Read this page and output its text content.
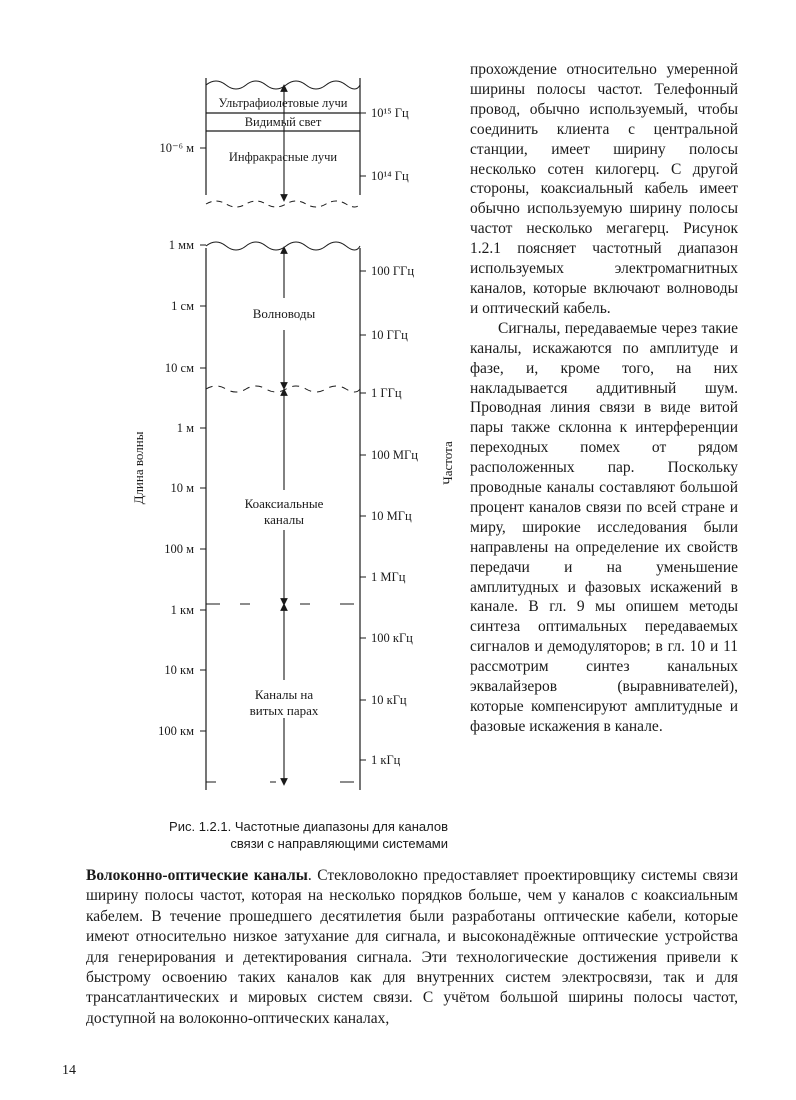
Длина волны	Частота
Ультрафиолетовые лучи
Видимый свет
Инфракрасные лучи
Волноводы
Коаксиальные
каналы
Каналы на
витых парах
10⁻⁶ м
1 мм
1 см
10 см
1 м
10 м
100 м
1 км
10 км
100 км
10¹⁵ Гц
10¹⁴ Гц
100 ГГц
10 ГГц
1 ГГц
100 МГц
10 МГц
1 МГц
100 кГц
10 кГц
1 кГц
Рис. 1.2.1. Частотные диапазоны для каналов
связи с направляющими системами

прохождение относительно умеренной ширины полосы частот. Телефонный провод, обычно используемый, чтобы соединить клиента с центральной станции, имеет ширину полосы несколько сотен килогерц. С другой стороны, коаксиальный кабель имеет обычно используемую ширину полосы частот несколько мегагерц. Рисунок 1.2.1 поясняет частотный диапазон используемых электромагнитных каналов, которые включают волноводы и оптический кабель.

Сигналы, передаваемые через такие каналы, искажаются по амплитуде и фазе, и, кроме того, на них накладывается аддитивный шум. Проводная линия связи в виде витой пары также склонна к интерференции переходных помех от рядом расположенных пар. Поскольку проводные каналы составляют большой процент каналов связи по всей стране и миру, широкие исследования были направлены на определение их свойств передачи и на уменьшение амплитудных и фазовых искажений в канале. В гл. 9 мы опишем методы синтеза оптимальных передаваемых сигналов и демодуляторов; в гл. 10 и 11 рассмотрим синтез канальных эквалайзеров (выравнивателей), которые компенсируют амплитудные и фазовые искажения в канале.

Волоконно-оптические каналы. Стекловолокно предоставляет проектировщику системы связи ширину полосы частот, которая на несколько порядков больше, чем у каналов с коаксиальным кабелем. В течение прошедшего десятилетия были разработаны оптические кабели, которые имеют относительно низкое затухание для сигнала, и высоконадёжные оптические устройства для генерирования и детектирования сигнала. Эти технологические достижения привели к быстрому освоению таких каналов как для внутренних систем электросвязи, так и для трансатлантических и мировых систем связи. С учётом большой ширины полосы частот, доступной на волоконно-оптических каналах,

14
